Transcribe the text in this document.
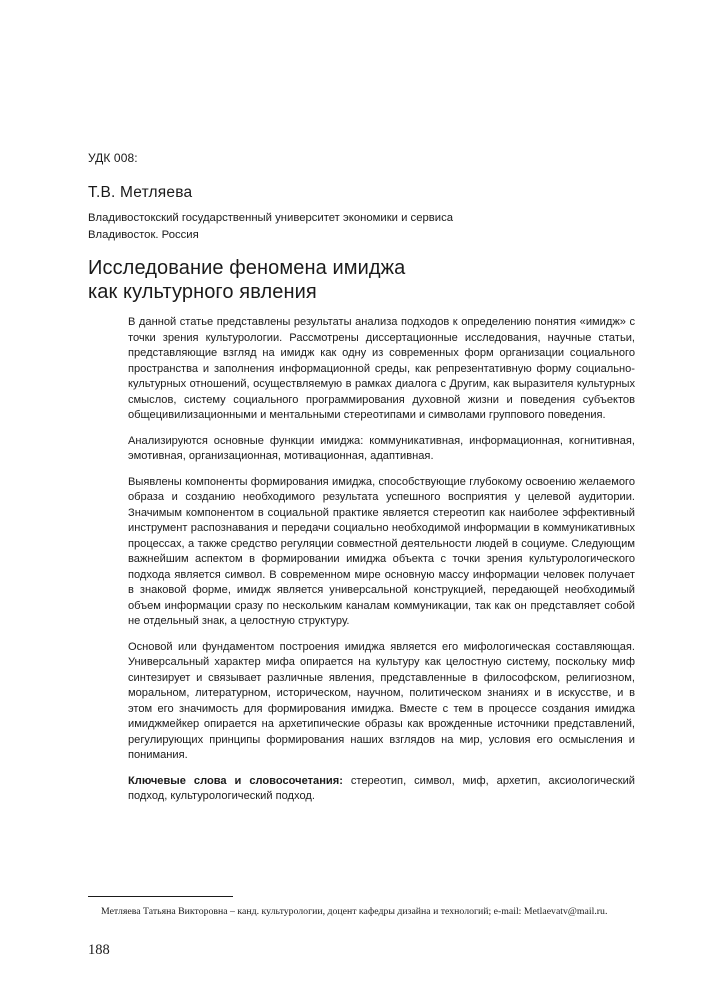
УДК 008:
Т.В. Метляева
Владивостокский государственный университет экономики и сервиса
Владивосток. Россия
Исследование феномена имиджа
как культурного явления

В данной статье представлены результаты анализа подходов к определению понятия «имидж» с точки зрения культурологии. Рассмотрены диссертационные исследования, научные статьи, представляющие взгляд на имидж как одну из современных форм организации социального пространства и заполнения информационной среды, как репрезентативную форму социально-культурных отношений, осуществляемую в рамках диалога с Другим, как выразителя культурных смыслов, систему социального программирования духовной жизни и поведения субъектов общецивилизационными и ментальными стереотипами и символами группового поведения.

Анализируются основные функции имиджа: коммуникативная, информационная, когнитивная, эмотивная, организационная, мотивационная, адаптивная.

Выявлены компоненты формирования имиджа, способствующие глубокому освоению желаемого образа и созданию необходимого результата успешного восприятия у целевой аудитории. Значимым компонентом в социальной практике является стереотип как наиболее эффективный инструмент распознавания и передачи социально необходимой информации в коммуникативных процессах, а также средство регуляции совместной деятельности людей в социуме. Следующим важнейшим аспектом в формировании имиджа объекта с точки зрения культурологического подхода является символ. В современном мире основную массу информации человек получает в знаковой форме, имидж является универсальной конструкцией, передающей необходимый объем информации сразу по нескольким каналам коммуникации, так как он представляет собой не отдельный знак, а целостную структуру.

Основой или фундаментом построения имиджа является его мифологическая составляющая. Универсальный характер мифа опирается на культуру как целостную систему, поскольку миф синтезирует и связывает различные явления, представленные в философском, религиозном, моральном, литературном, историческом, научном, политическом знаниях и в искусстве, и в этом его значимость для формирования имиджа. Вместе с тем в процессе создания имиджа имиджмейкер опирается на архетипические образы как врожденные источники представлений, регулирующих принципы формирования наших взглядов на мир, условия его осмысления и понимания.

Ключевые слова и словосочетания: стереотип, символ, миф, архетип, аксиологический подход, культурологический подход.

Метляева Татьяна Викторовна – канд. культурологии, доцент кафедры дизайна и технологий; e-mail: Metlaevatv@mail.ru.
188
